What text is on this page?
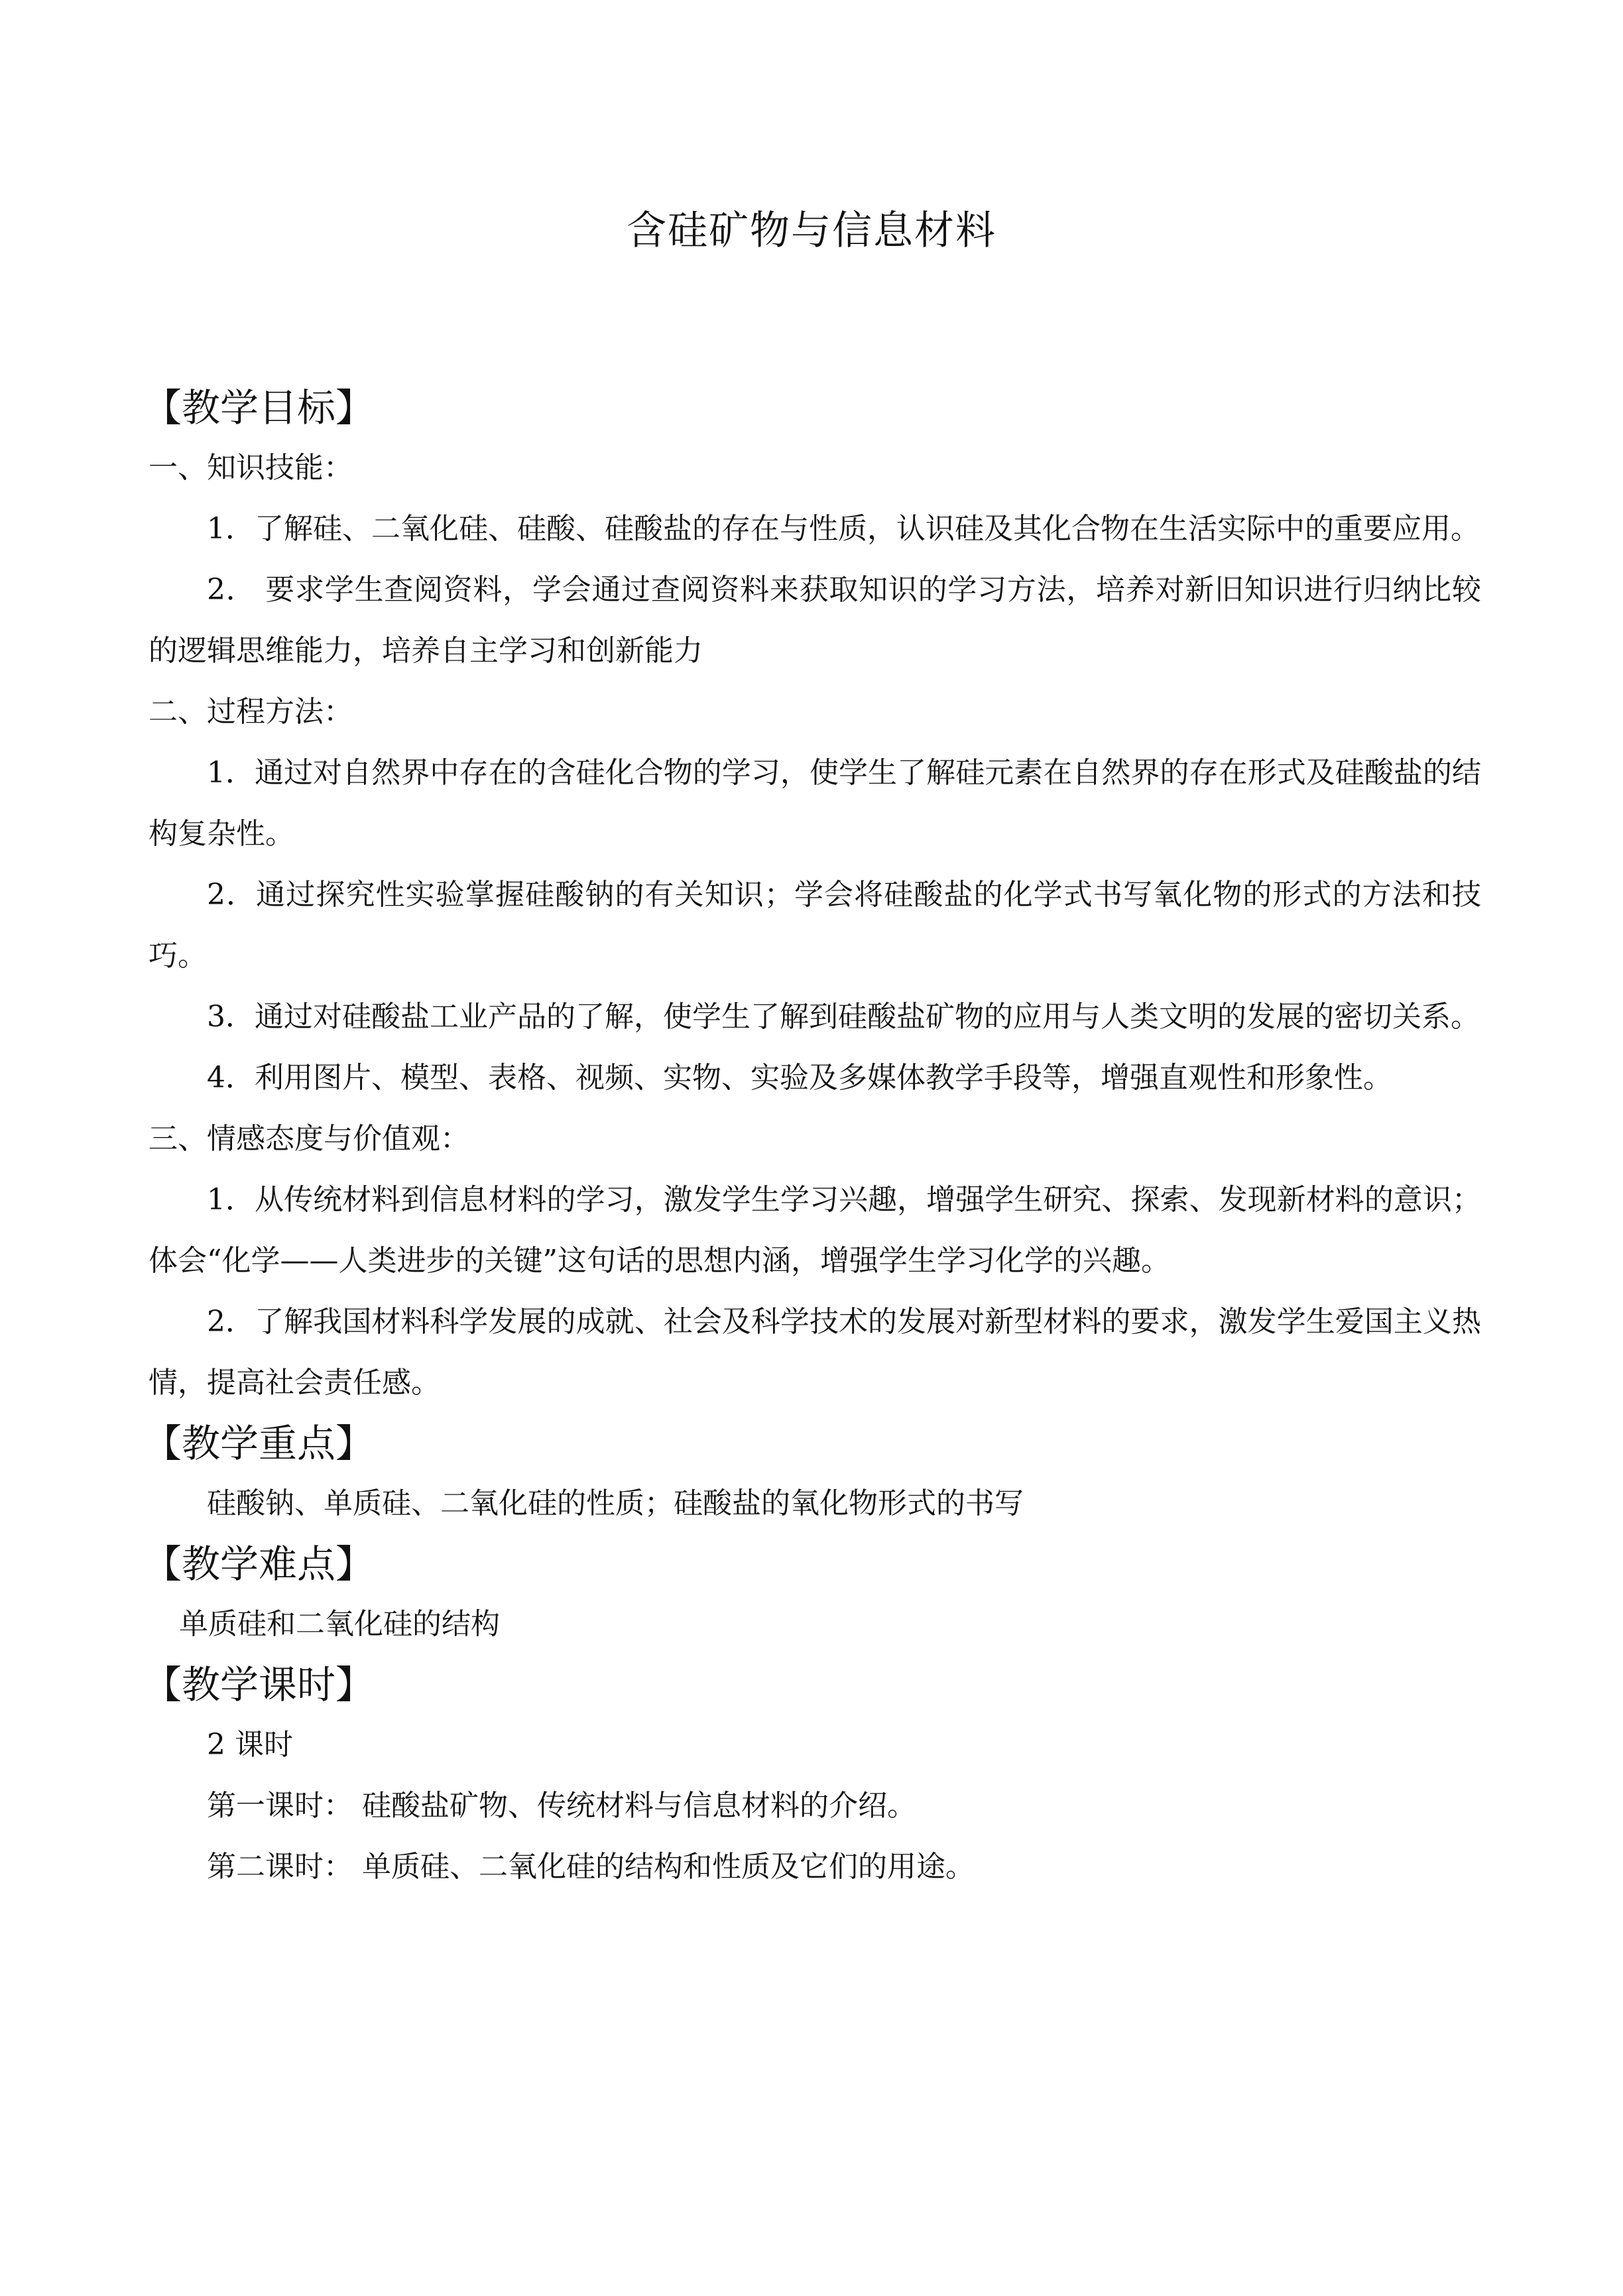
含硅矿物与信息材料
【教学目标】
一、知识技能：

1．了解硅、二氧化硅、硅酸、硅酸盐的存在与性质，认识硅及其化合物在生活实际中的重要应用。

2． 要求学生查阅资料，学会通过查阅资料来获取知识的学习方法，培养对新旧知识进行归纳比较的逻辑思维能力，培养自主学习和创新能力

二、过程方法：

1．通过对自然界中存在的含硅化合物的学习，使学生了解硅元素在自然界的存在形式及硅酸盐的结构复杂性。

2．通过探究性实验掌握硅酸钠的有关知识；学会将硅酸盐的化学式书写氧化物的形式的方法和技巧。

3．通过对硅酸盐工业产品的了解，使学生了解到硅酸盐矿物的应用与人类文明的发展的密切关系。

4．利用图片、模型、表格、视频、实物、实验及多媒体教学手段等，增强直观性和形象性。

三、情感态度与价值观：

1．从传统材料到信息材料的学习，激发学生学习兴趣，增强学生研究、探索、发现新材料的意识；体会“化学——人类进步的关键”这句话的思想内涵，增强学生学习化学的兴趣。

2．了解我国材料科学发展的成就、社会及科学技术的发展对新型材料的要求，激发学生爱国主义热情，提高社会责任感。

【教学重点】

硅酸钠、单质硅、二氧化硅的性质；硅酸盐的氧化物形式的书写

【教学难点】

单质硅和二氧化硅的结构

【教学课时】

2 课时

第一课时： 硅酸盐矿物、传统材料与信息材料的介绍。

第二课时： 单质硅、二氧化硅的结构和性质及它们的用途。
